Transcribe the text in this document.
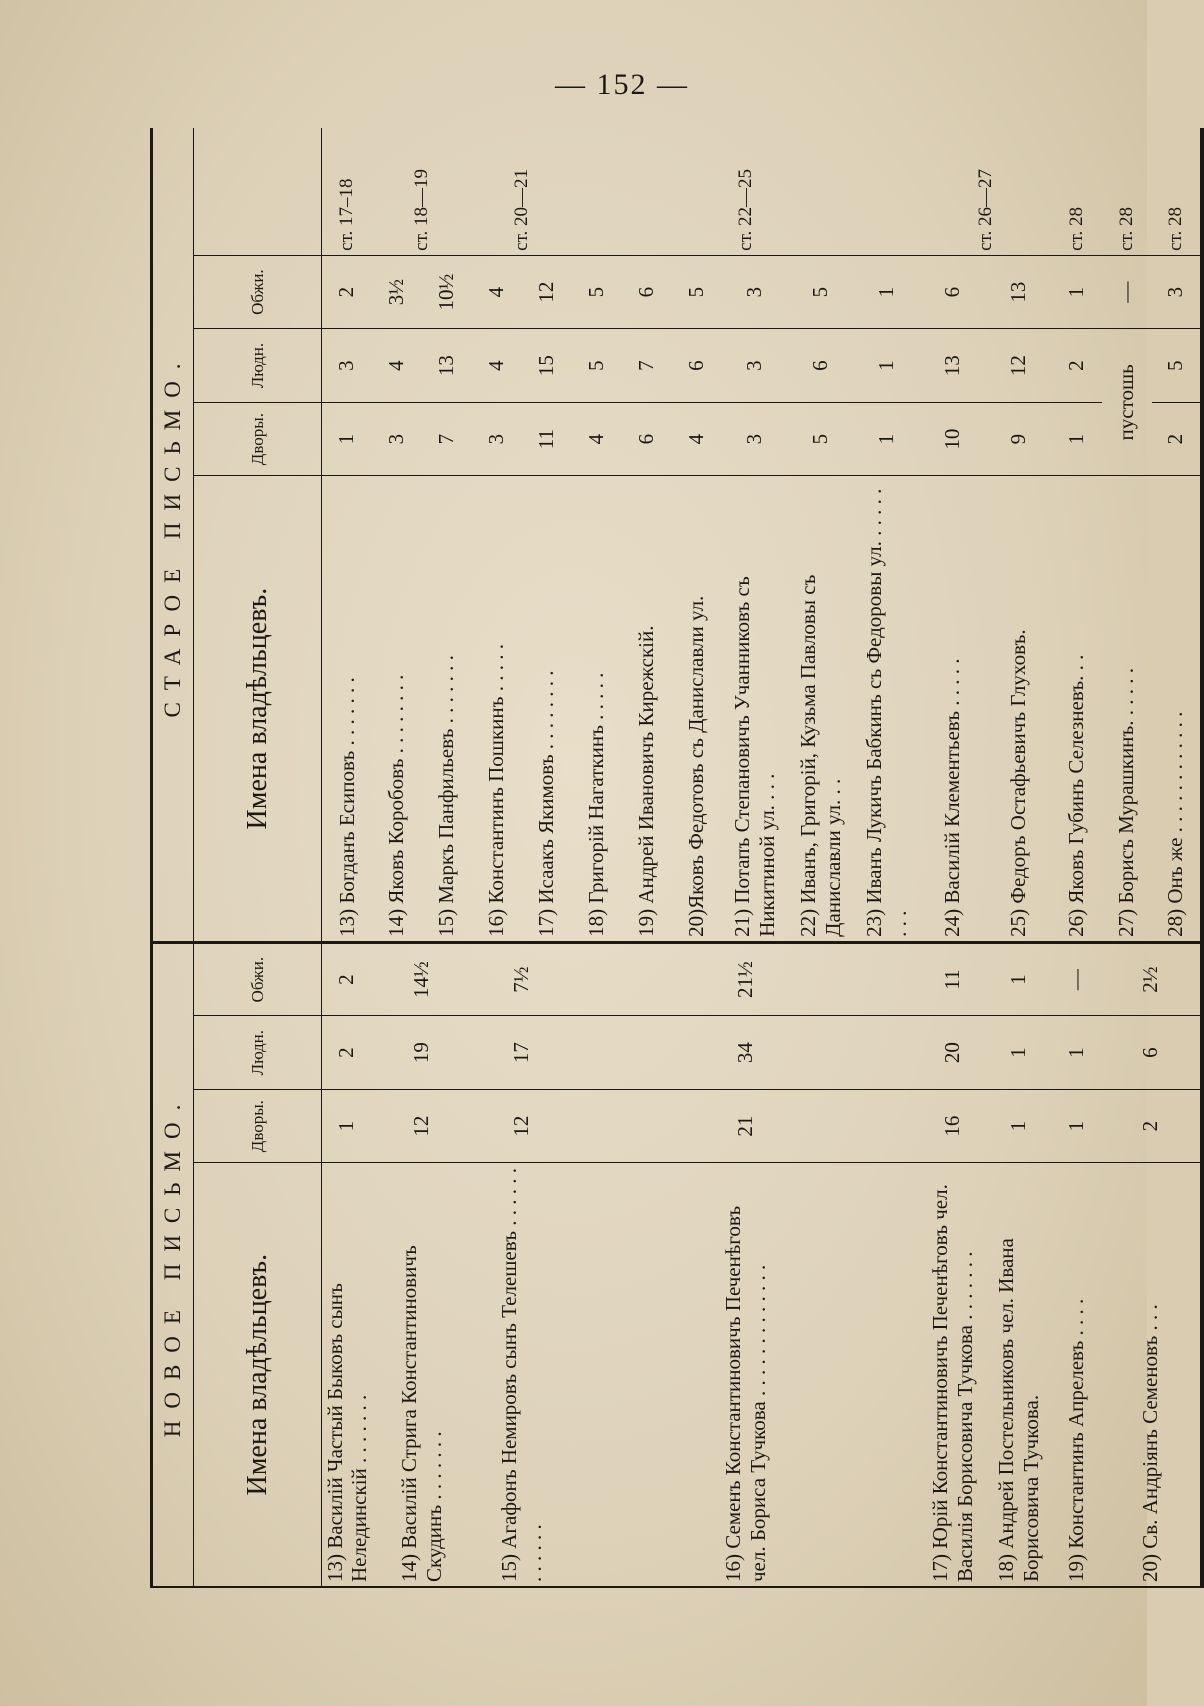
— 152 —
НОВОЕ ПИСЬМО.				СТАРОЕ ПИСЬМО.				
Имена владѣльцевъ.	Дворы.	Людн.	Обжи.	Имена владѣльцевъ.	Дворы.	Людн.	Обжи.	
13) Василій Частый Быковъ сынъ Нелединскій . . . . . . .	1	2	2	13) Богданъ Есиповъ . . . . . . .	1	3	2	ст. 17–18
14) Василій Стрига Константиновичъ Скудинъ . . . . . . .	12	19	14½	14) Яковъ Коробовъ . . . . . . . .	3	4	3½	ст. 18—19
				15) Маркъ Панфильевъ . . . . . . .	7	13	10½	
15) Агафонъ Немировъ сынъ Телешевъ . . . . . . . . . . . .	12	17	7½	16) Константинъ Пошкинъ . . . . .	3	4	4	ст. 20—21
				17) Исаакъ Якимовъ . . . . . . . .	11	15	12	
16) Семенъ Константиновичъ Печенѣговъ чел. Бориса Тучкова . . . . . . . . . . . . .	21	34	21½	18) Григорій Нагаткинъ . . . . .	4	5	5	ст. 22—25
				19) Андрей Ивановичъ Кирежскій.	6	7	6	
				20)Яковъ Федотовъ съ Даниславли ул.	4	6	5	
				21) Потапъ Степановичъ Учанниковъ съ Никитиной ул. . . .	3	3	3	
				22) Иванъ, Григорій, Кузьма Павловы съ Даниславли ул. . .	5	6	5	
				23) Иванъ Лукичъ Бабкинъ съ Федоровы ул. . . . . . . . .	1	1	1	
17) Юрій Константиновичъ Печенѣговъ чел. Василія Борисовича Тучкова . . . . . . .	16	20	11	24) Василій Клементьевъ . . . . .	10	13	6	ст. 26—27
18) Андрей Постельниковъ чел. Ивана Борисовича Тучкова.	1	1	1	25) Федоръ Остафьевичъ Глуховъ.	9	12	13	
19) Константинъ Апрелевъ . . . .	1	1	—	26) Яковъ Губинъ Селезневъ. . .	1	2	1	ст. 28
20) Св. Андріянъ Семеновъ . . .	2	6	2½	27) Борисъ Мурашкинъ. . . . . .	пустошь		—	ст. 28
				28) Онъ же . . . . . . . . . . . .	2	5	3	ст. 28
